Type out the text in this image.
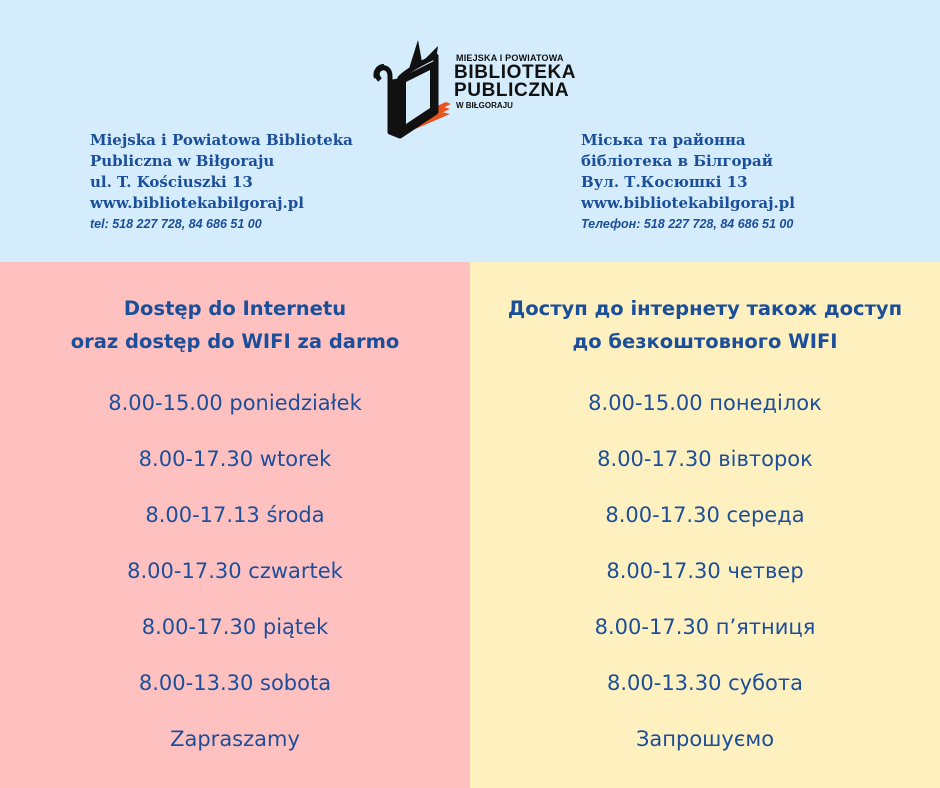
MIEJSKA I POWIATOWA
BIBLIOTEKA
PUBLICZNA
W BIŁGORAJU
Miejska i Powiatowa Biblioteka
Publiczna w Biłgoraju
ul. T. Kościuszki 13
www.bibliotekabilgoraj.pl
tel: 518 227 728, 84 686 51 00
Міська та районна
бібліотека в Білгорай
Вул. Т.Косюшкі 13
www.bibliotekabilgoraj.pl
Телефон: 518 227 728, 84 686 51 00
Dostęp do Internetu
oraz dostęp do WIFI za darmo
8.00-15.00 poniedziałek
8.00-17.30 wtorek
8.00-17.13 środa
8.00-17.30 czwartek
8.00-17.30 piątek
8.00-13.30 sobota
Zapraszamy
Доступ до інтернету також доступ
до безкоштовного WIFI
8.00-15.00 понеділок
8.00-17.30 вівторок
8.00-17.30 середа
8.00-17.30 четвер
8.00-17.30 п’ятниця
8.00-13.30 субота
Запрошуємо
